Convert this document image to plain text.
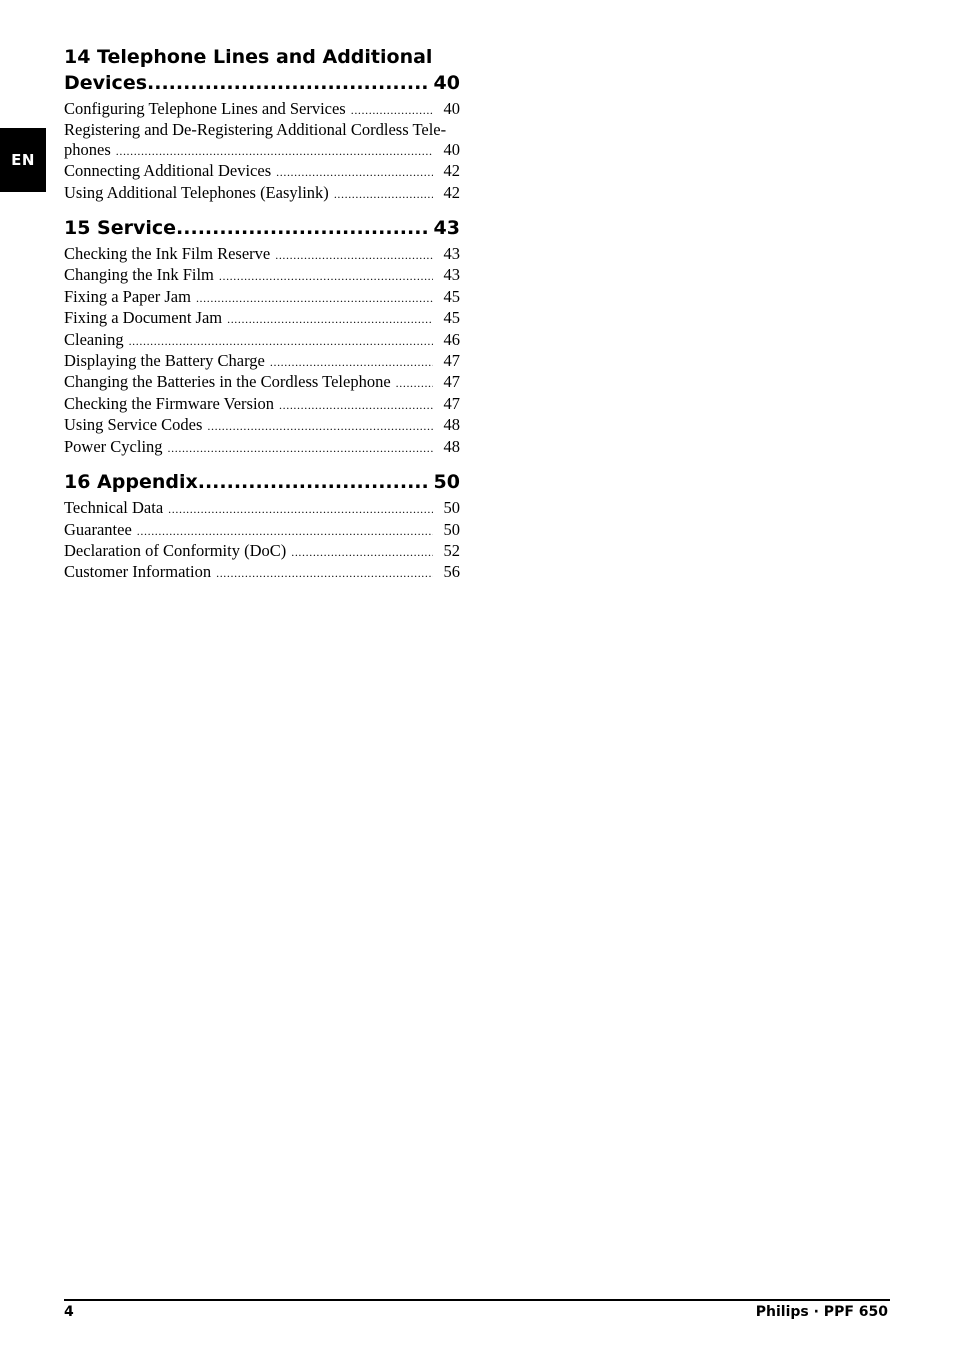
EN
14 Telephone Lines and Additional
Devices .....	40
Configuring Telephone Lines and Services .....	40
Registering and De-Registering Additional Cordless Tele-
phones .....	40
Connecting Additional Devices .....	42
Using Additional Telephones (Easylink) .....	42
15 Service .....	43
Checking the Ink Film Reserve .....	43
Changing the Ink Film .....	43
Fixing a Paper Jam .....	45
Fixing a Document Jam .....	45
Cleaning .....	46
Displaying the Battery Charge .....	47
Changing the Batteries in the Cordless Telephone .....	47
Checking the Firmware Version .....	47
Using Service Codes .....	48
Power Cycling .....	48
16 Appendix .....	50
Technical Data .....	50
Guarantee .....	50
Declaration of Conformity (DoC) .....	52
Customer Information .....	56
4	Philips · PPF 650
